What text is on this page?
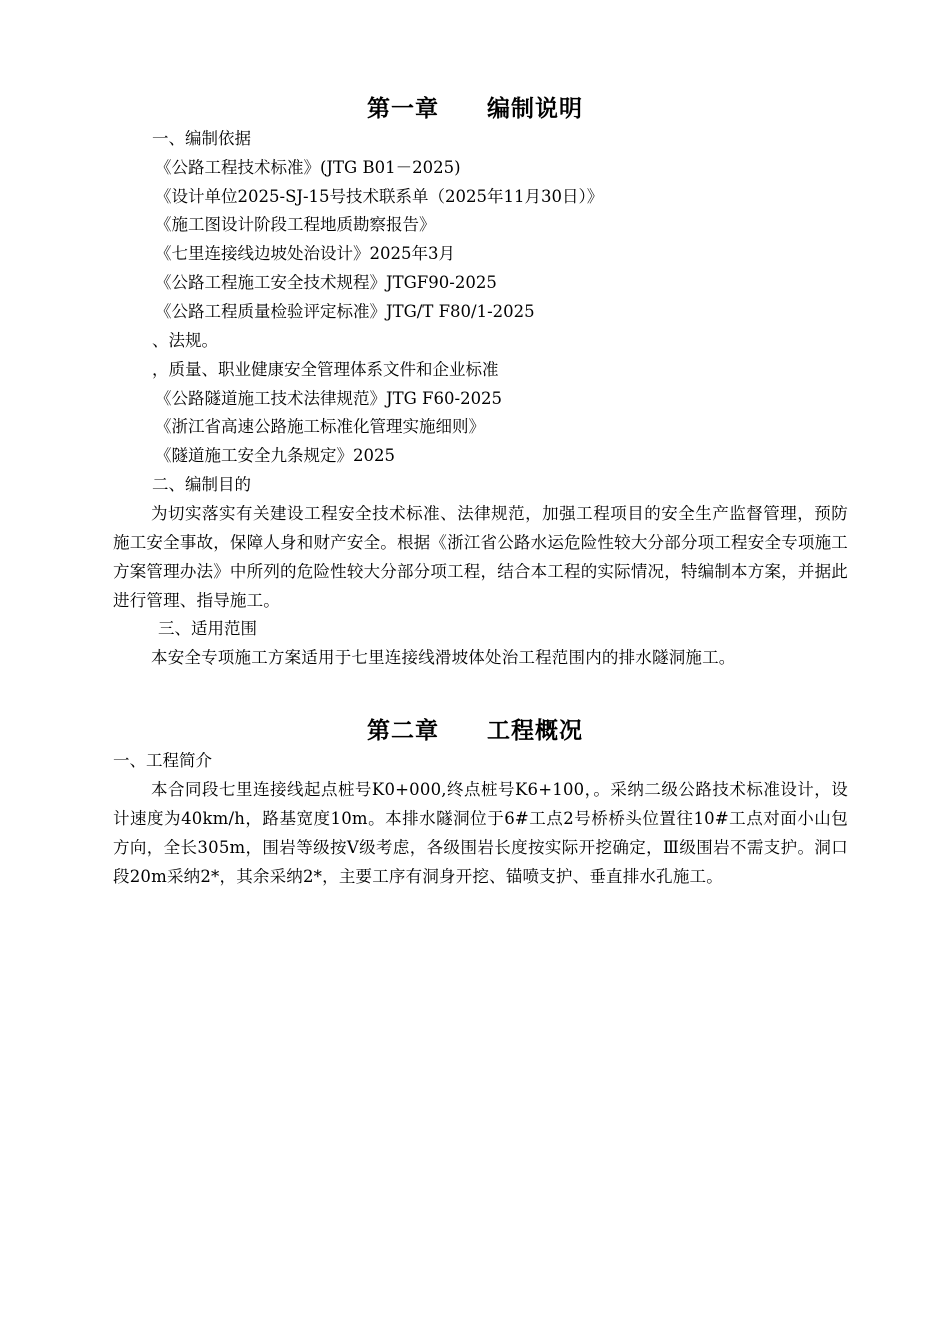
第一章　　编制说明
一、编制依据
《公路工程技术标准》(JTG B01－2025)
《设计单位2025-SJ-15号技术联系单（2025年11月30日）》
《施工图设计阶段工程地质勘察报告》
《七里连接线边坡处治设计》2025年3月
《公路工程施工安全技术规程》JTGF90-2025
《公路工程质量检验评定标准》JTG/T F80/1-2025
、法规。
，质量、职业健康安全管理体系文件和企业标准
《公路隧道施工技术法律规范》JTG F60-2025
《浙江省高速公路施工标准化管理实施细则》
《隧道施工安全九条规定》2025
二、编制目的
为切实落实有关建设工程安全技术标准、法律规范，加强工程项目的安全生产监督管理，预防施工安全事故，保障人身和财产安全。根据《浙江省公路水运危险性较大分部分项工程安全专项施工方案管理办法》中所列的危险性较大分部分项工程，结合本工程的实际情况，特编制本方案，并据此进行管理、指导施工。
三、适用范围
本安全专项施工方案适用于七里连接线滑坡体处治工程范围内的排水隧洞施工。
第二章　　工程概况
一、工程简介
本合同段七里连接线起点桩号K0+000,终点桩号K6+100，。采纳二级公路技术标准设计，设计速度为40km/h，路基宽度10m。本排水隧洞位于6#工点2号桥桥头位置往10#工点对面小山包方向，全长305m，围岩等级按Ⅴ级考虑，各级围岩长度按实际开挖确定，Ⅲ级围岩不需支护。洞口段20m采纳2*，其余采纳2*，主要工序有洞身开挖、锚喷支护、垂直排水孔施工。
